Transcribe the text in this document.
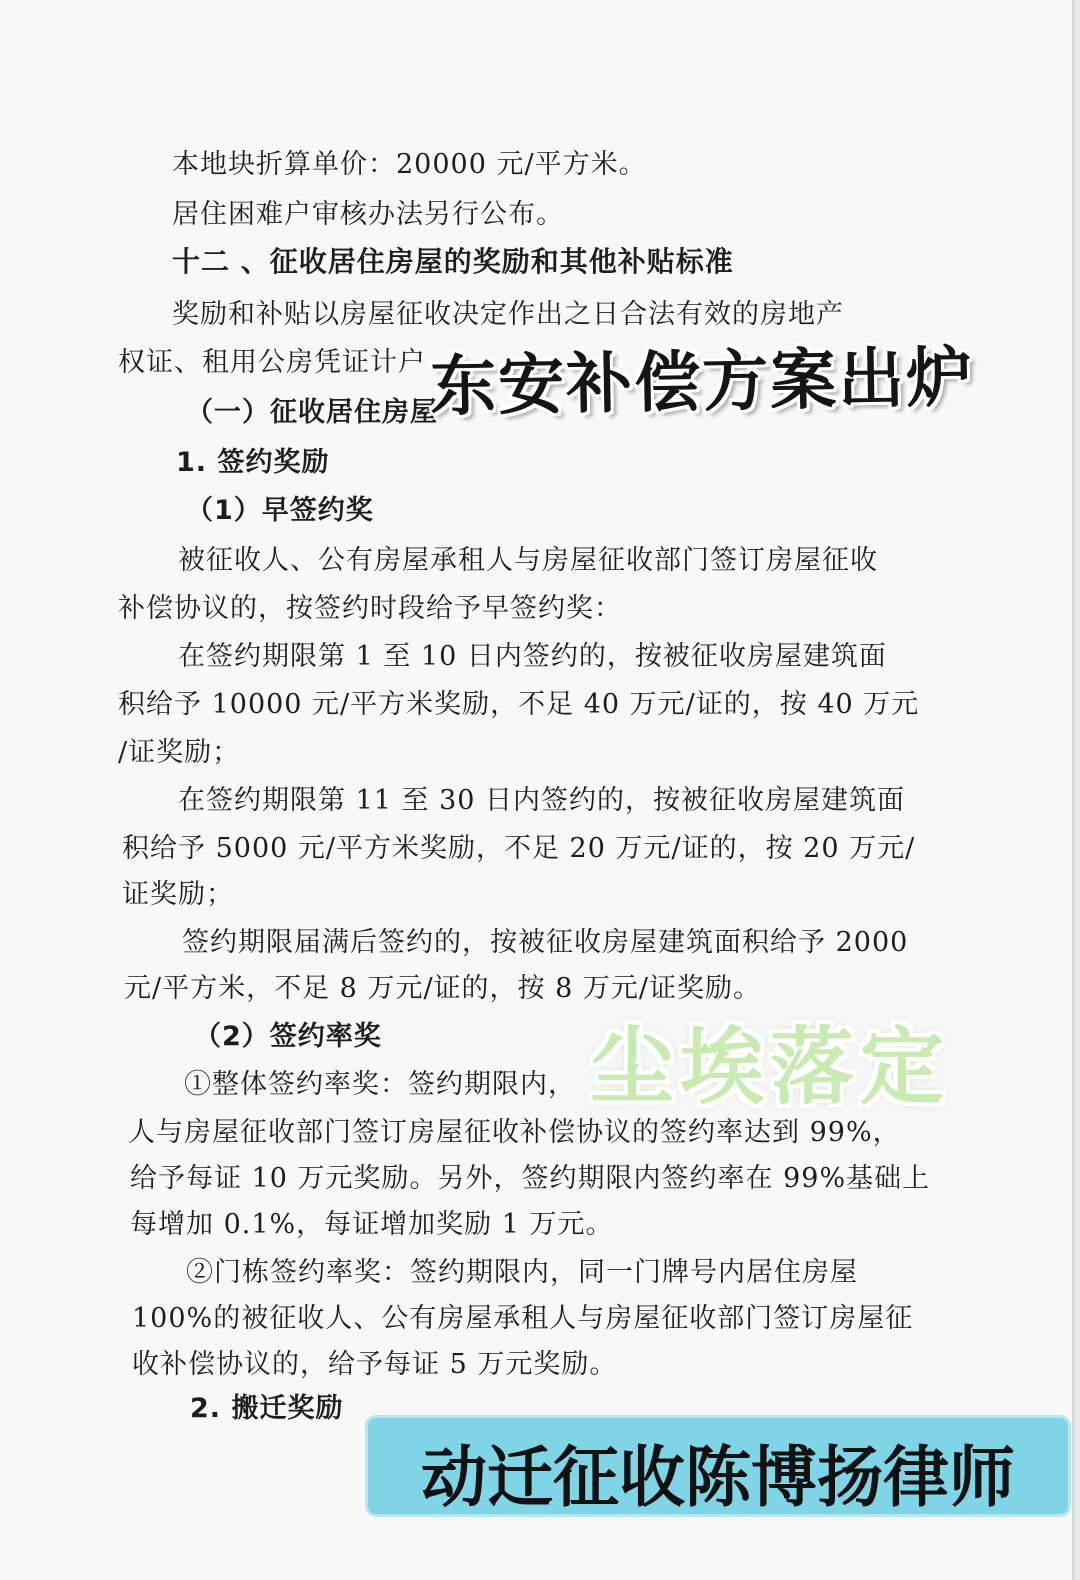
本地块折算单价：20000 元/平方米。
居住困难户审核办法另行公布。
十二 、征收居住房屋的奖励和其他补贴标准
奖励和补贴以房屋征收决定作出之日合法有效的房地产
权证、租用公房凭证计户
（一）征收居住房屋
1. 签约奖励
（1）早签约奖
被征收人、公有房屋承租人与房屋征收部门签订房屋征收
补偿协议的，按签约时段给予早签约奖：
在签约期限第 1 至 10 日内签约的，按被征收房屋建筑面
积给予 10000 元/平方米奖励，不足 40 万元/证的，按 40 万元
/证奖励；
在签约期限第 11 至 30 日内签约的，按被征收房屋建筑面
积给予 5000 元/平方米奖励，不足 20 万元/证的，按 20 万元/
证奖励；
签约期限届满后签约的，按被征收房屋建筑面积给予 2000
元/平方米，不足 8 万元/证的，按 8 万元/证奖励。
（2）签约率奖
①整体签约率奖：签约期限内，
人与房屋征收部门签订房屋征收补偿协议的签约率达到 99%，
给予每证 10 万元奖励。另外，签约期限内签约率在 99%基础上
每增加 0.1%，每证增加奖励 1 万元。
②门栋签约率奖：签约期限内，同一门牌号内居住房屋
100%的被征收人、公有房屋承租人与房屋征收部门签订房屋征
收补偿协议的，给予每证 5 万元奖励。
2. 搬迁奖励
东安补偿方案出炉
尘埃落定
动迁征收陈博扬律师
